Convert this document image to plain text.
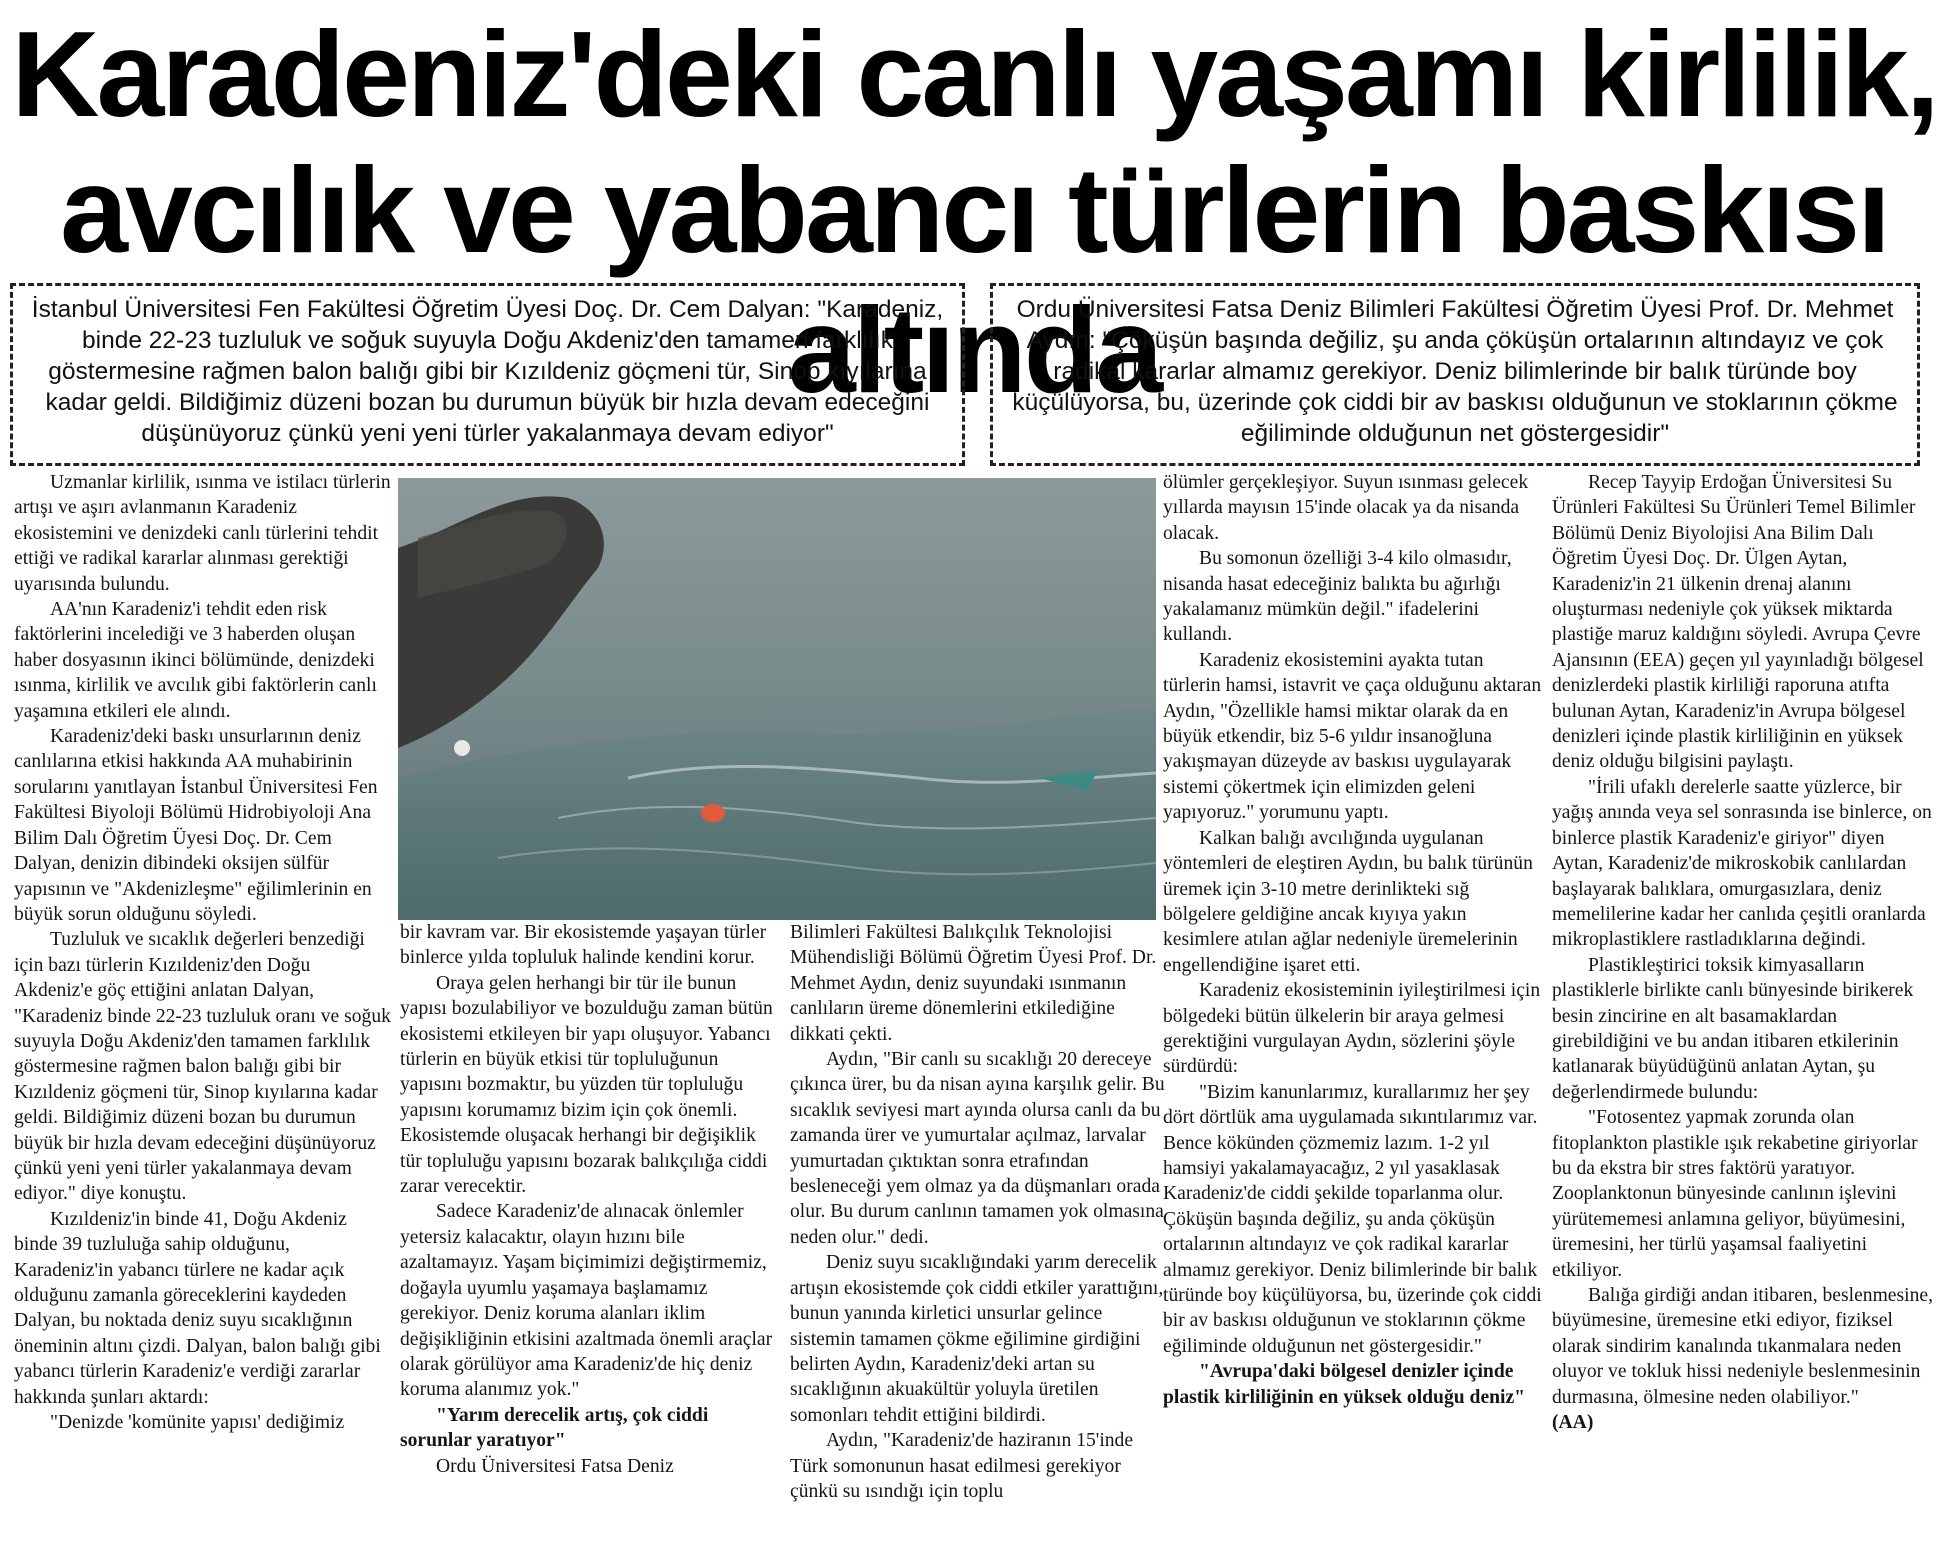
Karadeniz'deki canlı yaşamı kirlilik,
avcılık ve yabancı türlerin baskısı altında
İstanbul Üniversitesi Fen Fakültesi Öğretim Üyesi Doç. Dr. Cem Dalyan: "Karadeniz, binde 22-23 tuzluluk ve soğuk suyuyla Doğu Akdeniz'den tamamen farklılık göstermesine rağmen balon balığı gibi bir Kızıldeniz göçmeni tür, Sinop kıyılarına kadar geldi. Bildiğimiz düzeni bozan bu durumun büyük bir hızla devam edeceğini düşünüyoruz çünkü yeni yeni türler yakalanmaya devam ediyor"
Ordu Üniversitesi Fatsa Deniz Bilimleri Fakültesi Öğretim Üyesi Prof. Dr. Mehmet Aydın: "Çöküşün başında değiliz, şu anda çöküşün ortalarının altındayız ve çok radikal kararlar almamız gerekiyor. Deniz bilimlerinde bir balık türünde boy küçülüyorsa, bu, üzerinde çok ciddi bir av baskısı olduğunun ve stoklarının çökme eğiliminde olduğunun net göstergesidir"

Uzmanlar kirlilik, ısınma ve istilacı türlerin artışı ve aşırı avlanmanın Karadeniz ekosistemini ve denizdeki canlı türlerini tehdit ettiği ve radikal kararlar alınması gerektiği uyarısında bulundu.

AA'nın Karadeniz'i tehdit eden risk faktörlerini incelediği ve 3 haberden oluşan haber dosyasının ikinci bölümünde, denizdeki ısınma, kirlilik ve avcılık gibi faktörlerin canlı yaşamına etkileri ele alındı.

Karadeniz'deki baskı unsurlarının deniz canlılarına etkisi hakkında AA muhabirinin sorularını yanıtlayan İstanbul Üniversitesi Fen Fakültesi Biyoloji Bölümü Hidrobiyoloji Ana Bilim Dalı Öğretim Üyesi Doç. Dr. Cem Dalyan, denizin dibindeki oksijen sülfür yapısının ve "Akdenizleşme" eğilimlerinin en büyük sorun olduğunu söyledi.

Tuzluluk ve sıcaklık değerleri benzediği için bazı türlerin Kızıldeniz'den Doğu Akdeniz'e göç ettiğini anlatan Dalyan, "Karadeniz binde 22-23 tuzluluk oranı ve soğuk suyuyla Doğu Akdeniz'den tamamen farklılık göstermesine rağmen balon balığı gibi bir Kızıldeniz göçmeni tür, Sinop kıyılarına kadar geldi. Bildiğimiz düzeni bozan bu durumun büyük bir hızla devam edeceğini düşünüyoruz çünkü yeni yeni türler yakalanmaya devam ediyor." diye konuştu.

Kızıldeniz'in binde 41, Doğu Akdeniz binde 39 tuzluluğa sahip olduğunu, Karadeniz'in yabancı türlere ne kadar açık olduğunu zamanla göreceklerini kaydeden Dalyan, bu noktada deniz suyu sıcaklığının öneminin altını çizdi. Dalyan, balon balığı gibi yabancı türlerin Karadeniz'e verdiği zararlar hakkında şunları aktardı:

"Denizde 'komünite yapısı' dediğimiz

bir kavram var. Bir ekosistemde yaşayan türler binlerce yılda topluluk halinde kendini korur.

Oraya gelen herhangi bir tür ile bunun yapısı bozulabiliyor ve bozulduğu zaman bütün ekosistemi etkileyen bir yapı oluşuyor. Yabancı türlerin en büyük etkisi tür topluluğunun yapısını bozmaktır, bu yüzden tür topluluğu yapısını korumamız bizim için çok önemli. Ekosistemde oluşacak herhangi bir değişiklik tür topluluğu yapısını bozarak balıkçılığa ciddi zarar verecektir.

Sadece Karadeniz'de alınacak önlemler yetersiz kalacaktır, olayın hızını bile azaltamayız. Yaşam biçimimizi değiştirmemiz, doğayla uyumlu yaşamaya başlamamız gerekiyor. Deniz koruma alanları iklim değişikliğinin etkisini azaltmada önemli araçlar olarak görülüyor ama Karadeniz'de hiç deniz koruma alanımız yok."

"Yarım derecelik artış, çok ciddi sorunlar yaratıyor"

Ordu Üniversitesi Fatsa Deniz

Bilimleri Fakültesi Balıkçılık Teknolojisi Mühendisliği Bölümü Öğretim Üyesi Prof. Dr. Mehmet Aydın, deniz suyundaki ısınmanın canlıların üreme dönemlerini etkilediğine dikkati çekti.

Aydın, "Bir canlı su sıcaklığı 20 dereceye çıkınca ürer, bu da nisan ayına karşılık gelir. Bu sıcaklık seviyesi mart ayında olursa canlı da bu zamanda ürer ve yumurtalar açılmaz, larvalar yumurtadan çıktıktan sonra etrafından besleneceği yem olmaz ya da düşmanları orada olur. Bu durum canlının tamamen yok olmasına neden olur." dedi.

Deniz suyu sıcaklığındaki yarım derecelik artışın ekosistemde çok ciddi etkiler yarattığını, bunun yanında kirletici unsurlar gelince sistemin tamamen çökme eğilimine girdiğini belirten Aydın, Karadeniz'deki artan su sıcaklığının akuakültür yoluyla üretilen somonları tehdit ettiğini bildirdi.

Aydın, "Karadeniz'de haziranın 15'inde Türk somonunun hasat edilmesi gerekiyor çünkü su ısındığı için toplu

ölümler gerçekleşiyor. Suyun ısınması gelecek yıllarda mayısın 15'inde olacak ya da nisanda olacak.

Bu somonun özelliği 3-4 kilo olmasıdır, nisanda hasat edeceğiniz balıkta bu ağırlığı yakalamanız mümkün değil." ifadelerini kullandı.

Karadeniz ekosistemini ayakta tutan türlerin hamsi, istavrit ve çaça olduğunu aktaran Aydın, "Özellikle hamsi miktar olarak da en büyük etkendir, biz 5-6 yıldır insanoğluna yakışmayan düzeyde av baskısı uygulayarak sistemi çökertmek için elimizden geleni yapıyoruz." yorumunu yaptı.

Kalkan balığı avcılığında uygulanan yöntemleri de eleştiren Aydın, bu balık türünün üremek için 3-10 metre derinlikteki sığ bölgelere geldiğine ancak kıyıya yakın kesimlere atılan ağlar nedeniyle üremelerinin engellendiğine işaret etti.

Karadeniz ekosisteminin iyileştirilmesi için bölgedeki bütün ülkelerin bir araya gelmesi gerektiğini vurgulayan Aydın, sözlerini şöyle sürdürdü:

"Bizim kanunlarımız, kurallarımız her şey dört dörtlük ama uygulamada sıkıntılarımız var. Bence kökünden çözmemiz lazım. 1-2 yıl hamsiyi yakalamayacağız, 2 yıl yasaklasak Karadeniz'de ciddi şekilde toparlanma olur. Çöküşün başında değiliz, şu anda çöküşün ortalarının altındayız ve çok radikal kararlar almamız gerekiyor. Deniz bilimlerinde bir balık türünde boy küçülüyorsa, bu, üzerinde çok ciddi bir av baskısı olduğunun ve stoklarının çökme eğiliminde olduğunun net göstergesidir."

"Avrupa'daki bölgesel denizler içinde plastik kirliliğinin en yüksek olduğu deniz"

Recep Tayyip Erdoğan Üniversitesi Su Ürünleri Fakültesi Su Ürünleri Temel Bilimler Bölümü Deniz Biyolojisi Ana Bilim Dalı Öğretim Üyesi Doç. Dr. Ülgen Aytan, Karadeniz'in 21 ülkenin drenaj alanını oluşturması nedeniyle çok yüksek miktarda plastiğe maruz kaldığını söyledi. Avrupa Çevre Ajansının (EEA) geçen yıl yayınladığı bölgesel denizlerdeki plastik kirliliği raporuna atıfta bulunan Aytan, Karadeniz'in Avrupa bölgesel denizleri içinde plastik kirliliğinin en yüksek deniz olduğu bilgisini paylaştı.

"İrili ufaklı derelerle saatte yüzlerce, bir yağış anında veya sel sonrasında ise binlerce, on binlerce plastik Karadeniz'e giriyor" diyen Aytan, Karadeniz'de mikroskobik canlılardan başlayarak balıklara, omurgasızlara, deniz memelilerine kadar her canlıda çeşitli oranlarda mikroplastiklere rastladıklarına değindi.

Plastikleştirici toksik kimyasalların plastiklerle birlikte canlı bünyesinde birikerek besin zincirine en alt basamaklardan girebildiğini ve bu andan itibaren etkilerinin katlanarak büyüdüğünü anlatan Aytan, şu değerlendirmede bulundu:

"Fotosentez yapmak zorunda olan fitoplankton plastikle ışık rekabetine giriyorlar bu da ekstra bir stres faktörü yaratıyor. Zooplanktonun bünyesinde canlının işlevini yürütememesi anlamına geliyor, büyümesini, üremesini, her türlü yaşamsal faaliyetini etkiliyor.

Balığa girdiği andan itibaren, beslenmesine, büyümesine, üremesine etki ediyor, fiziksel olarak sindirim kanalında tıkanmalara neden oluyor ve tokluk hissi nedeniyle beslenmesinin durmasına, ölmesine neden olabiliyor."

(AA)
